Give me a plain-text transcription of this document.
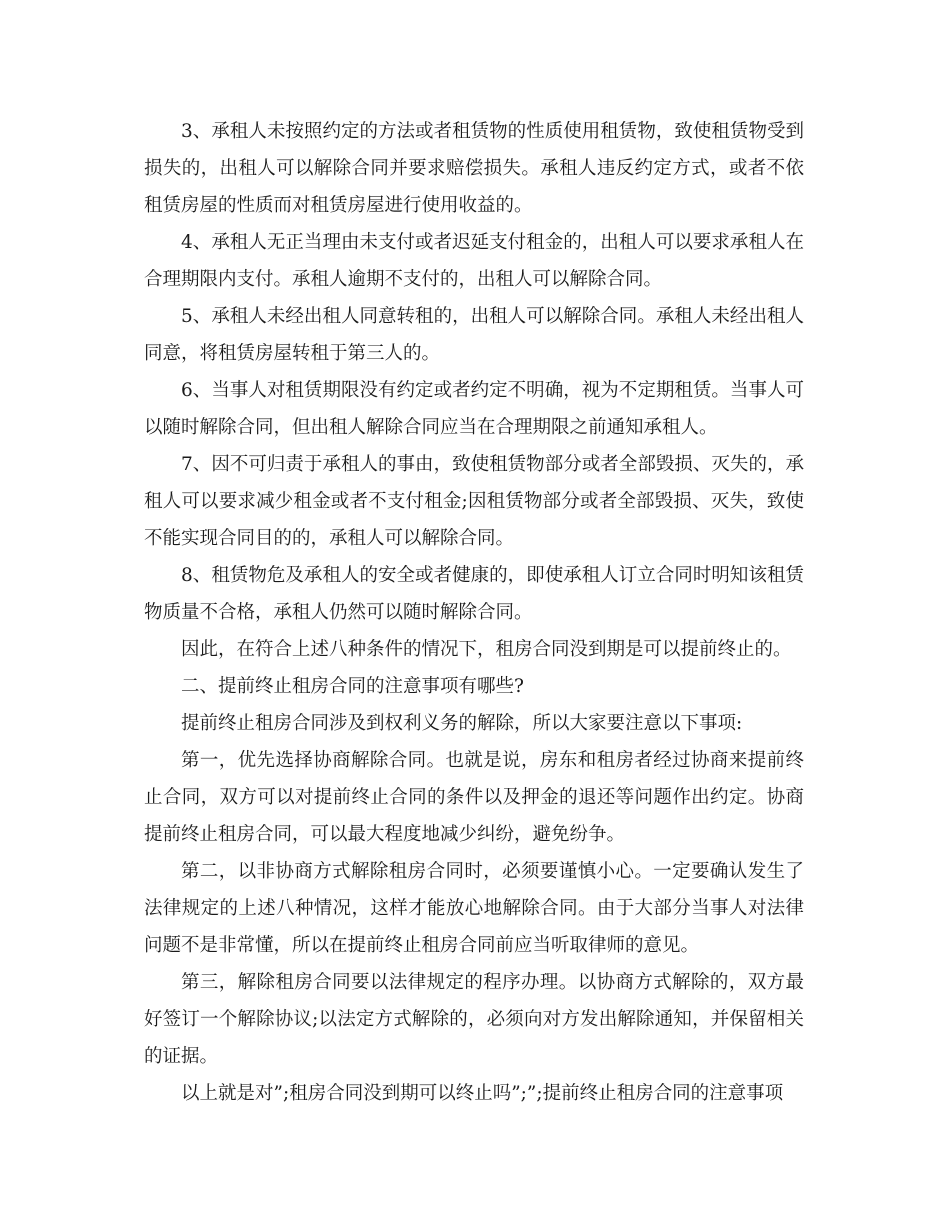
3、承租人未按照约定的方法或者租赁物的性质使用租赁物，致使租赁物受到损失的，出租人可以解除合同并要求赔偿损失。承租人违反约定方式，或者不依租赁房屋的性质而对租赁房屋进行使用收益的。

4、承租人无正当理由未支付或者迟延支付租金的，出租人可以要求承租人在合理期限内支付。承租人逾期不支付的，出租人可以解除合同。

5、承租人未经出租人同意转租的，出租人可以解除合同。承租人未经出租人同意，将租赁房屋转租于第三人的。

6、当事人对租赁期限没有约定或者约定不明确，视为不定期租赁。当事人可以随时解除合同，但出租人解除合同应当在合理期限之前通知承租人。

7、因不可归责于承租人的事由，致使租赁物部分或者全部毁损、灭失的，承租人可以要求减少租金或者不支付租金;因租赁物部分或者全部毁损、灭失，致使不能实现合同目的的，承租人可以解除合同。

8、租赁物危及承租人的安全或者健康的，即使承租人订立合同时明知该租赁物质量不合格，承租人仍然可以随时解除合同。

因此，在符合上述八种条件的情况下，租房合同没到期是可以提前终止的。

二、提前终止租房合同的注意事项有哪些?

提前终止租房合同涉及到权利义务的解除，所以大家要注意以下事项:

第一，优先选择协商解除合同。也就是说，房东和租房者经过协商来提前终止合同，双方可以对提前终止合同的条件以及押金的退还等问题作出约定。协商提前终止租房合同，可以最大程度地减少纠纷，避免纷争。

第二，以非协商方式解除租房合同时，必须要谨慎小心。一定要确认发生了法律规定的上述八种情况，这样才能放心地解除合同。由于大部分当事人对法律问题不是非常懂，所以在提前终止租房合同前应当听取律师的意见。

第三，解除租房合同要以法律规定的程序办理。以协商方式解除的，双方最好签订一个解除协议;以法定方式解除的，必须向对方发出解除通知，并保留相关的证据。

以上就是对”;租房合同没到期可以终止吗”;”;提前终止租房合同的注意事项
